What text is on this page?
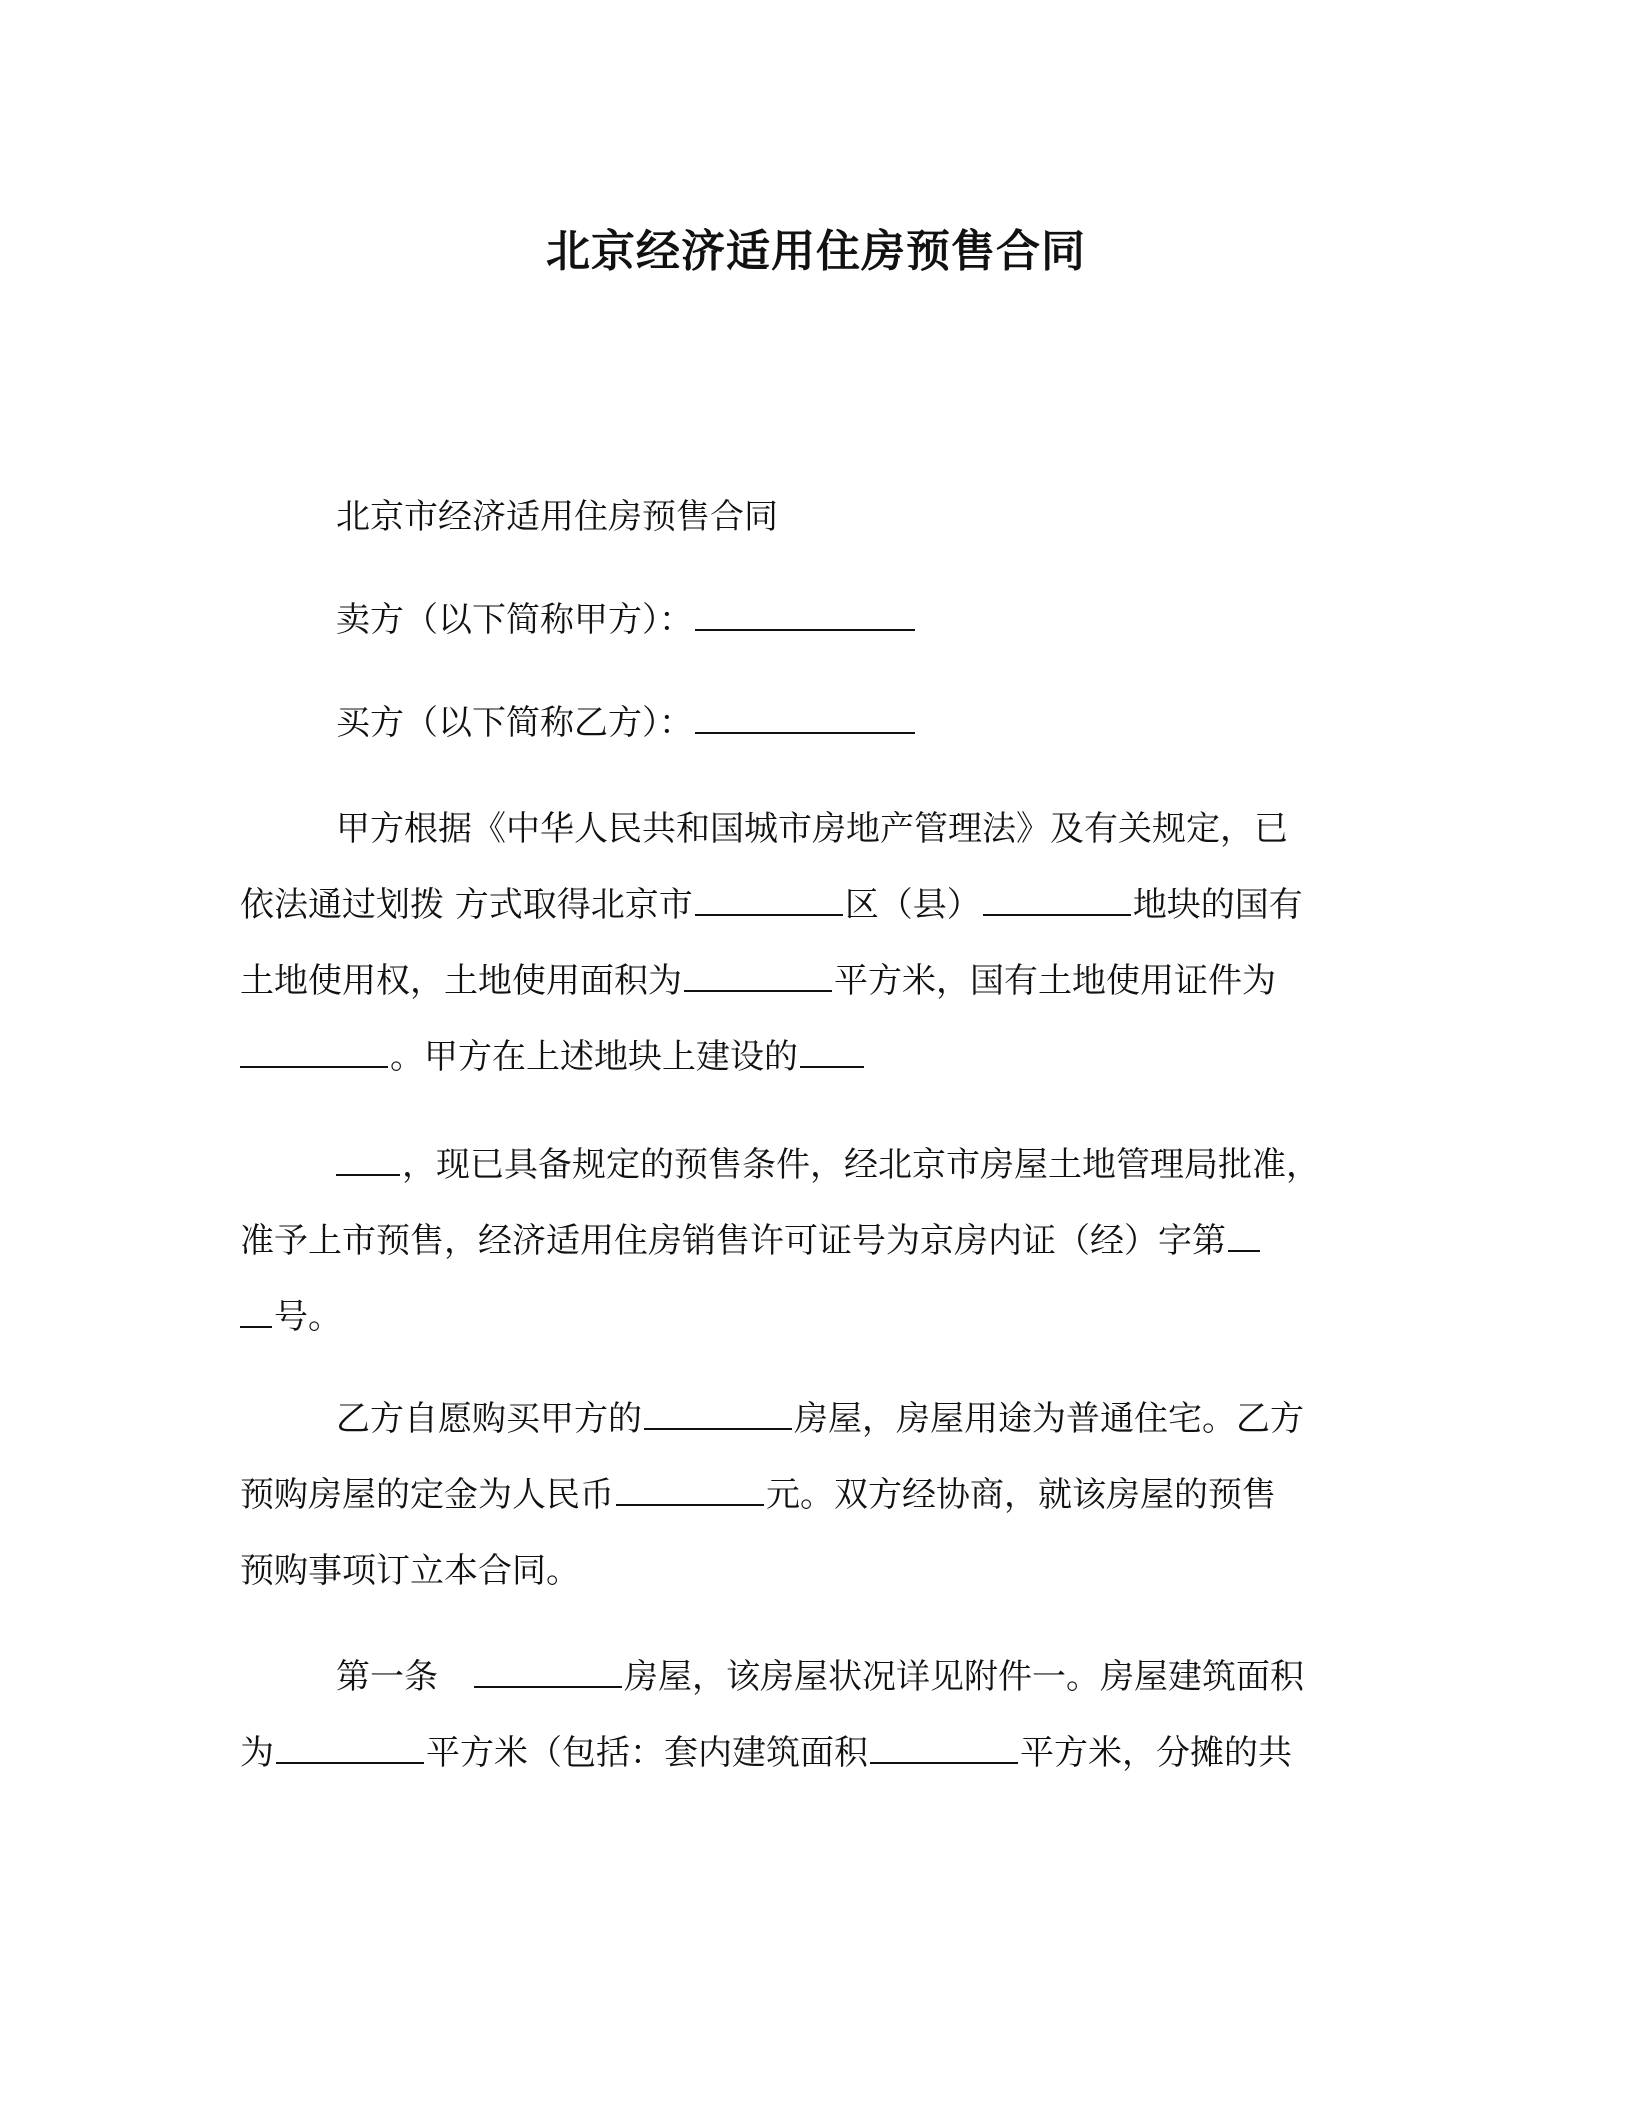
北京经济适用住房预售合同
北京市经济适用住房预售合同
卖方（以下简称甲方）：
买方（以下简称乙方）：
甲方根据《中华人民共和国城市房地产管理法》及有关规定，已
依法通过划拨 方式取得北京市	区（县）	地块的国有
土地使用权，土地使用面积为	平方米，国有土地使用证件为
。甲方在上述地块上建设的
，现已具备规定的预售条件，经北京市房屋土地管理局批准，
准予上市预售，经济适用住房销售许可证号为京房内证（经）字第
号。
乙方自愿购买甲方的	房屋，房屋用途为普通住宅。乙方
预购房屋的定金为人民币	元。双方经协商，就该房屋的预售
预购事项订立本合同。
第一条	房屋，该房屋状况详见附件一。房屋建筑面积
为	平方米（包括：套内建筑面积	平方米，分摊的共
